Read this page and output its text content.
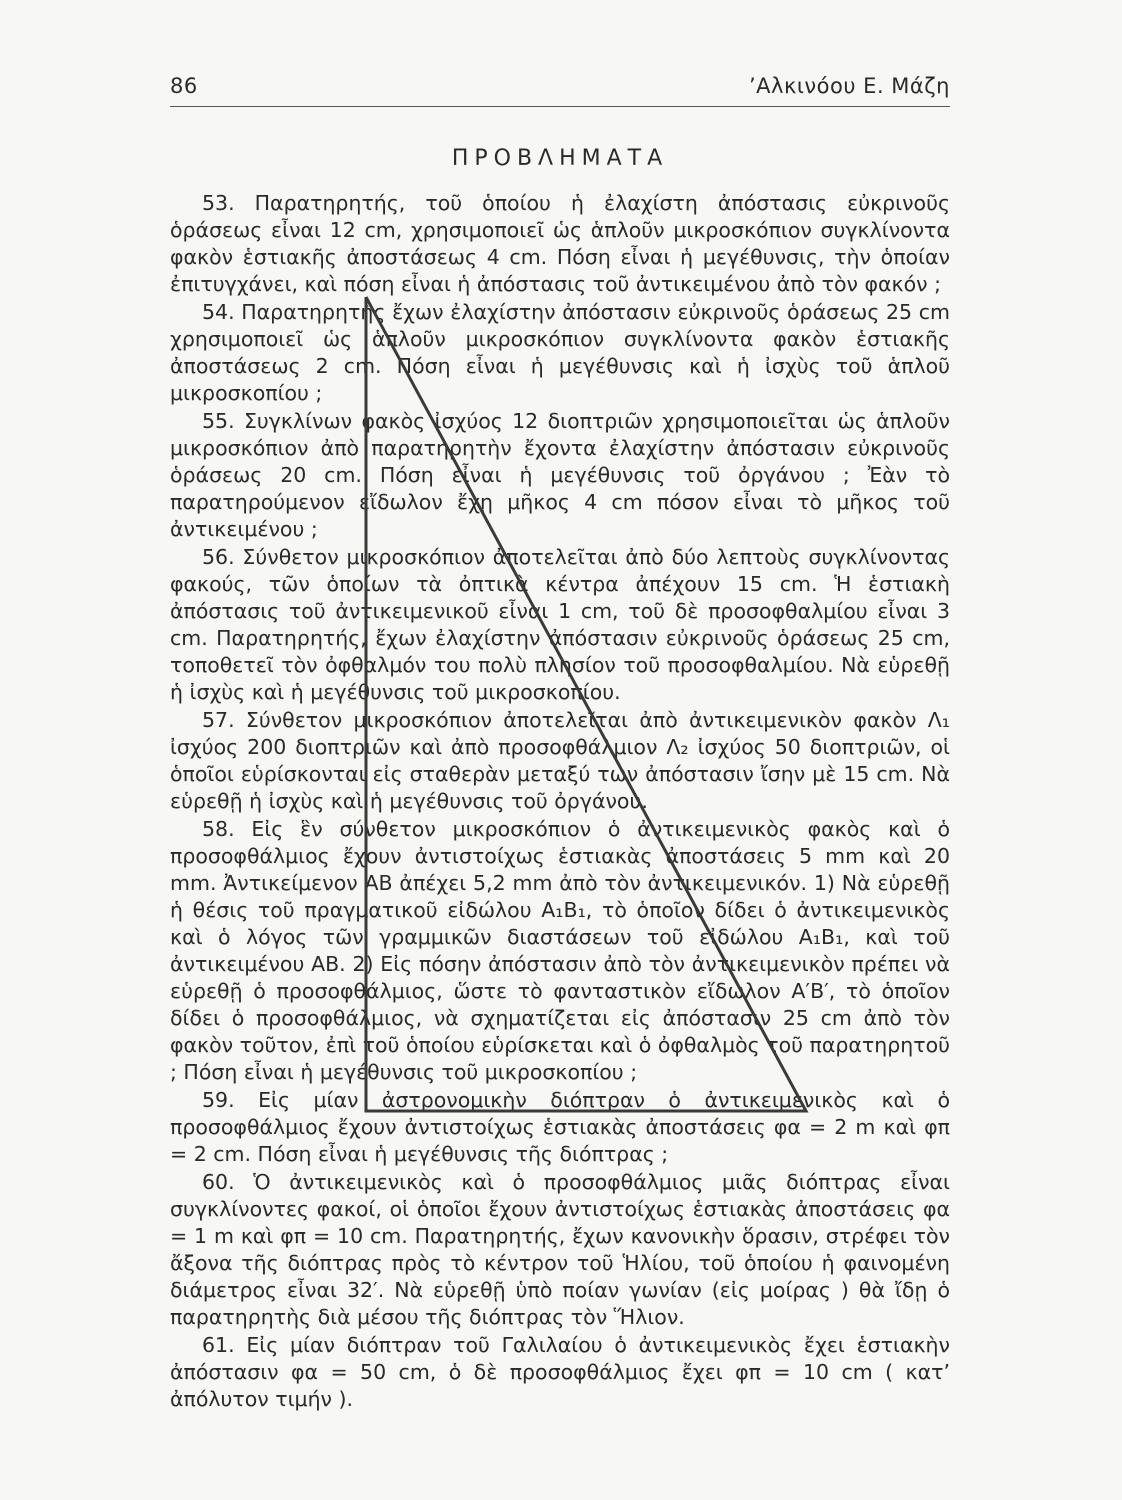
86	’Αλκινόου Ε. Μάζη
ΠΡΟΒΛΗΜΑΤΑ

53. Παρατηρητής, τοῦ ὁποίου ἡ ἐλαχίστη ἀπόστασις εὐκρινοῦς ὁράσεως εἶναι 12 cm, χρησιμοποιεῖ ὡς ἁπλοῦν μικροσκόπιον συγκλίνοντα φακὸν ἑστιακῆς ἀποστάσεως 4 cm. Πόση εἶναι ἡ μεγέθυνσις, τὴν ὁποίαν ἐπιτυγχάνει, καὶ πόση εἶναι ἡ ἀπόστασις τοῦ ἀντικειμένου ἀπὸ τὸν φακόν ;

54. Παρατηρητὴς ἔχων ἐλαχίστην ἀπόστασιν εὐκρινοῦς ὁράσεως 25 cm χρησιμοποιεῖ ὡς ἁπλοῦν μικροσκόπιον συγκλίνοντα φακὸν ἑστιακῆς ἀποστάσεως 2 cm. Πόση εἶναι ἡ μεγέθυνσις καὶ ἡ ἰσχὺς τοῦ ἁπλοῦ μικροσκοπίου ;

55. Συγκλίνων φακὸς ἰσχύος 12 διοπτριῶν χρησιμοποιεῖται ὡς ἁπλοῦν μικροσκόπιον ἀπὸ παρατηρητὴν ἔχοντα ἐλαχίστην ἀπόστασιν εὐκρινοῦς ὁράσεως 20 cm. Πόση εἶναι ἡ μεγέθυνσις τοῦ ὀργάνου ; Ἐὰν τὸ παρατηρούμενον εἴδωλον ἔχῃ μῆκος 4 cm πόσον εἶναι τὸ μῆκος τοῦ ἀντικειμένου ;

56. Σύνθετον μικροσκόπιον ἀποτελεῖται ἀπὸ δύο λεπτοὺς συγκλίνοντας φακούς, τῶν ὁποίων τὰ ὀπτικὰ κέντρα ἀπέχουν 15 cm. Ἡ ἑστιακὴ ἀπόστασις τοῦ ἀντικειμενικοῦ εἶναι 1 cm, τοῦ δὲ προσοφθαλμίου εἶναι 3 cm. Παρατηρητής, ἔχων ἐλαχίστην ἀπόστασιν εὐκρινοῦς ὁράσεως 25 cm, τοποθετεῖ τὸν ὀφθαλμόν του πολὺ πλησίον τοῦ προσοφθαλμίου. Νὰ εὑρεθῇ ἡ ἰσχὺς καὶ ἡ μεγέθυνσις τοῦ μικροσκοπίου.

57. Σύνθετον μικροσκόπιον ἀποτελεῖται ἀπὸ ἀντικειμενικὸν φακὸν Λ₁ ἰσχύος 200 διοπτριῶν καὶ ἀπὸ προσοφθάλμιον Λ₂ ἰσχύος 50 διοπτριῶν, οἱ ὁποῖοι εὑρίσκονται εἰς σταθερὰν μεταξύ των ἀπόστασιν ἴσην μὲ 15 cm. Νὰ εὑρεθῇ ἡ ἰσχὺς καὶ ἡ μεγέθυνσις τοῦ ὀργάνου.

58. Εἰς ἓν σύνθετον μικροσκόπιον ὁ ἀντικειμενικὸς φακὸς καὶ ὁ προσοφθάλμιος ἔχουν ἀντιστοίχως ἑστιακὰς ἀποστάσεις 5 mm καὶ 20 mm. Ἀντικείμενον ΑΒ ἀπέχει 5,2 mm ἀπὸ τὸν ἀντικειμενικόν. 1) Νὰ εὑρεθῇ ἡ θέσις τοῦ πραγματικοῦ εἰδώλου Α₁Β₁, τὸ ὁποῖον δίδει ὁ ἀντικειμενικὸς καὶ ὁ λόγος τῶν γραμμικῶν διαστάσεων τοῦ εἰδώλου Α₁Β₁, καὶ τοῦ ἀντικειμένου ΑΒ. 2) Εἰς πόσην ἀπόστασιν ἀπὸ τὸν ἀντικειμενικὸν πρέπει νὰ εὑρεθῇ ὁ προσοφθάλμιος, ὥστε τὸ φανταστικὸν εἴδωλον Α′Β′, τὸ ὁποῖον δίδει ὁ προσοφθάλμιος, νὰ σχηματίζεται εἰς ἀπόστασιν 25 cm ἀπὸ τὸν φακὸν τοῦτον, ἐπὶ τοῦ ὁποίου εὑρίσκεται καὶ ὁ ὀφθαλμὸς τοῦ παρατηρητοῦ ; Πόση εἶναι ἡ μεγέθυνσις τοῦ μικροσκοπίου ;

59. Εἰς μίαν ἀστρονομικὴν διόπτραν ὁ ἀντικειμενικὸς καὶ ὁ προσοφθάλμιος ἔχουν ἀντιστοίχως ἑστιακὰς ἀποστάσεις φα = 2 m καὶ φπ = 2 cm. Πόση εἶναι ἡ μεγέθυνσις τῆς διόπτρας ;

60. Ὁ ἀντικειμενικὸς καὶ ὁ προσοφθάλμιος μιᾶς διόπτρας εἶναι συγκλίνοντες φακοί, οἱ ὁποῖοι ἔχουν ἀντιστοίχως ἑστιακὰς ἀποστάσεις φα = 1 m καὶ φπ = 10 cm. Παρατηρητής, ἔχων κανονικὴν ὅρασιν, στρέφει τὸν ἄξονα τῆς διόπτρας πρὸς τὸ κέντρον τοῦ Ἡλίου, τοῦ ὁποίου ἡ φαινομένη διάμετρος εἶναι 32′. Νὰ εὑρεθῇ ὑπὸ ποίαν γωνίαν (εἰς μοίρας ) θὰ ἴδῃ ὁ παρατηρητὴς διὰ μέσου τῆς διόπτρας τὸν Ἥλιον.

61. Εἰς μίαν διόπτραν τοῦ Γαλιλαίου ὁ ἀντικειμενικὸς ἔχει ἑστιακὴν ἀπόστασιν φα = 50 cm, ὁ δὲ προσοφθάλμιος ἔχει φπ = 10 cm ( κατ’ ἀπόλυτον τιμήν ).
